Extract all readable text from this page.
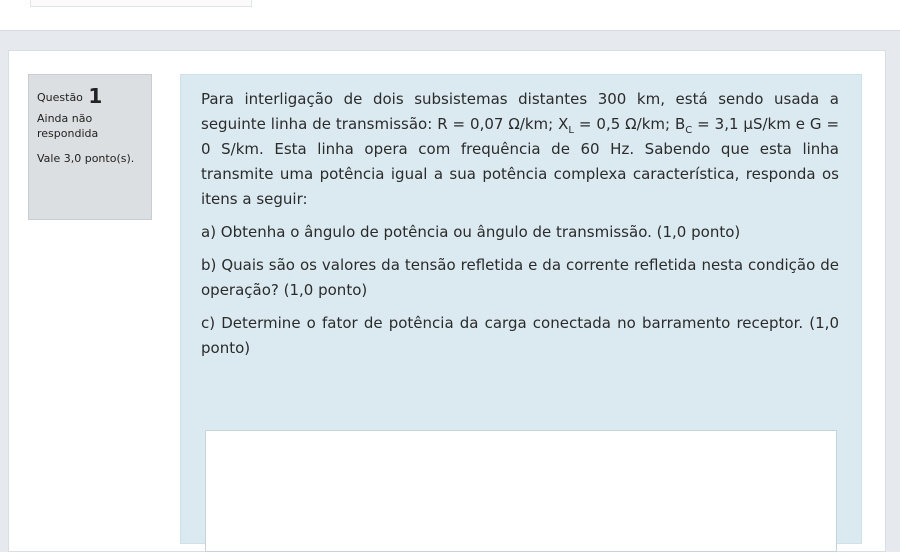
Questão 1
Ainda não respondida
Vale 3,0 ponto(s).

Para interligação de dois subsistemas distantes 300 km, está sendo usada a seguinte linha de transmissão: R = 0,07 Ω/km; $X_L = 0,5$ Ω/km; $B_C = 3,1$ μS/km e G = 0 S/km. Esta linha opera com frequência de 60 Hz. Sabendo que esta linha transmite uma potência igual a sua potência complexa característica, responda os itens a seguir:

a) Obtenha o ângulo de potência ou ângulo de transmissão. (1,0 ponto)

b) Quais são os valores da tensão refletida e da corrente refletida nesta condição de operação? (1,0 ponto)

c) Determine o fator de potência da carga conectada no barramento receptor. (1,0 ponto)
